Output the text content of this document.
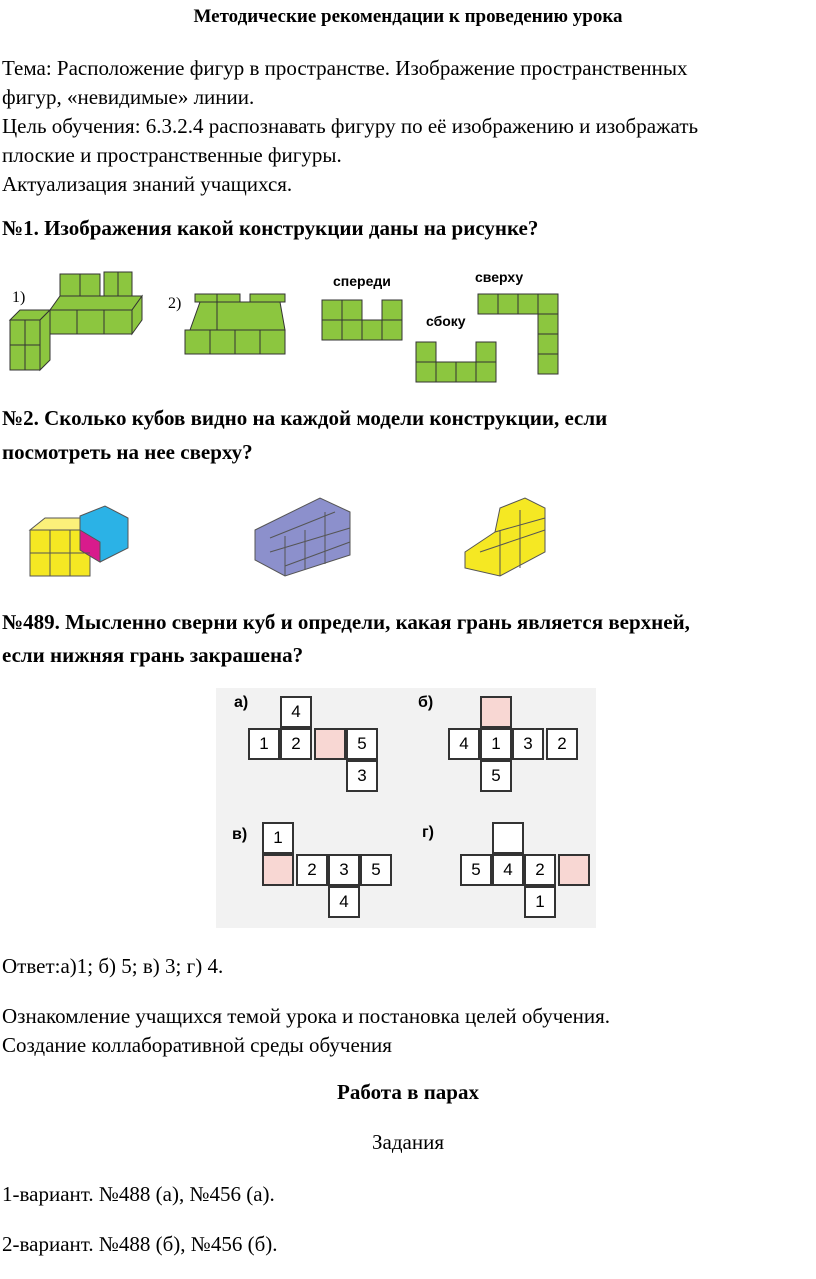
Методические рекомендации к проведению урока
Тема: Расположение фигур в пространстве. Изображение пространственных
фигур, «невидимые» линии.
Цель обучения: 6.3.2.4 распознавать фигуру по её изображению и изображать
плоские и пространственные фигуры.
Актуализация знаний учащихся.
№1. Изображения какой конструкции даны на рисунке?
1)	2)
спереди	сверху
сбоку
№2. Сколько кубов видно на каждой модели конструкции, если
посмотреть на нее сверху?
№489. Мысленно сверни куб и определи, какая грань является верхней,
если нижняя грань закрашена?
а)	4
1	2	5
3
б)
4	1	3	2
5
в)	1
2	3	5
4
г)
5	4	2
1
Ответ:а)1; б) 5; в) 3; г) 4.
Ознакомление учащихся темой урока и постановка целей обучения.
Создание коллаборативной среды обучения
Работа в парах
Задания
1-вариант. №488 (а), №456 (а).
2-вариант. №488 (б), №456 (б).
